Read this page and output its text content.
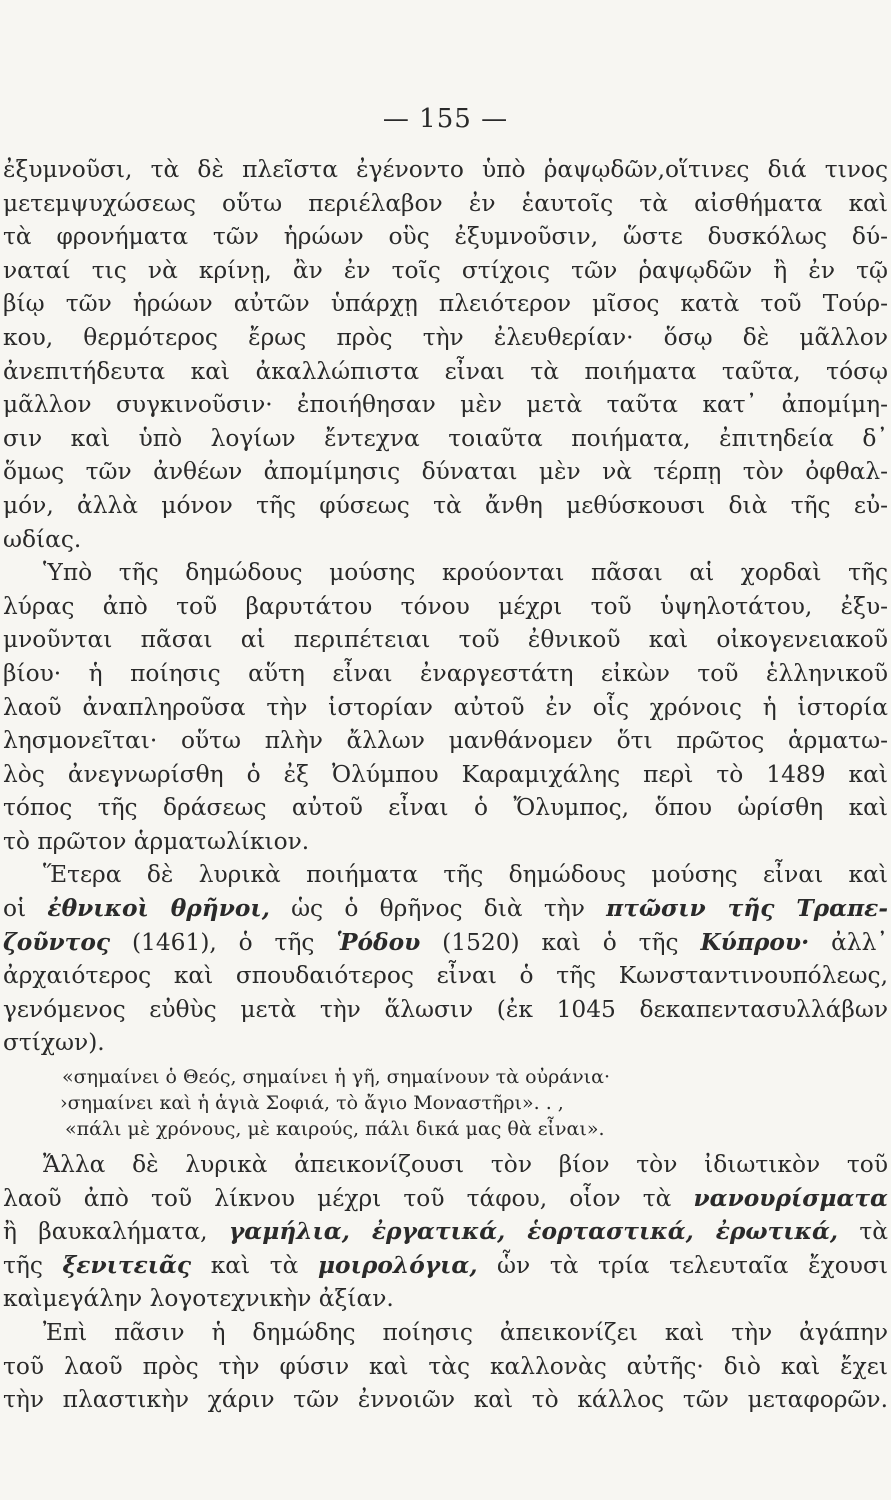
— 155 —
ἐξυμνοῦσι, τὰ δὲ πλεῖστα ἐγένοντο ὑπὸ ῥαψῳδῶν,οἵτινες διά τινος
μετεμψυχώσεως οὕτω περιέλαβον ἐν ἑαυτοῖς τὰ αἰσθήματα καὶ
τὰ φρονήματα τῶν ἡρώων οὓς ἐξυμνοῦσιν, ὥστε δυσκόλως δύ-
ναταί τις νὰ κρίνῃ, ἂν ἐν τοῖς στίχοις τῶν ῥαψῳδῶν ἢ ἐν τῷ
βίῳ τῶν ἡρώων αὐτῶν ὑπάρχῃ πλειότερον μῖσος κατὰ τοῦ Τούρ-
κου, θερμότερος ἔρως πρὸς τὴν ἐλευθερίαν· ὅσῳ δὲ μᾶλλον
ἀνεπιτήδευτα καὶ ἀκαλλώπιστα εἶναι τὰ ποιήματα ταῦτα, τόσῳ
μᾶλλον συγκινοῦσιν· ἐποιήθησαν μὲν μετὰ ταῦτα κατ᾽ ἀπομίμη-
σιν καὶ ὑπὸ λογίων ἔντεχνα τοιαῦτα ποιήματα, ἐπιτηδεία δ᾽
ὅμως τῶν ἀνθέων ἀπομίμησις δύναται μὲν νὰ τέρπῃ τὸν ὀφθαλ-
μόν, ἀλλὰ μόνον τῆς φύσεως τὰ ἄνθη μεθύσκουσι διὰ τῆς εὐ-
ωδίας.
Ὑπὸ τῆς δημώδους μούσης κρούονται πᾶσαι αἱ χορδαὶ τῆς
λύρας ἀπὸ τοῦ βαρυτάτου τόνου μέχρι τοῦ ὑψηλοτάτου, ἐξυ-
μνοῦνται πᾶσαι αἱ περιπέτειαι τοῦ ἐθνικοῦ καὶ οἰκογενειακοῦ
βίου· ἡ ποίησις αὕτη εἶναι ἐναργεστάτη εἰκὼν τοῦ ἑλληνικοῦ
λαοῦ ἀναπληροῦσα τὴν ἱστορίαν αὐτοῦ ἐν οἷς χρόνοις ἡ ἱστορία
λησμονεῖται· οὕτω πλὴν ἄλλων μανθάνομεν ὅτι πρῶτος ἁρματω-
λὸς ἀνεγνωρίσθη ὁ ἐξ Ὀλύμπου Καραμιχάλης περὶ τὸ 1489 καὶ
τόπος τῆς δράσεως αὐτοῦ εἶναι ὁ Ὄλυμπος, ὅπου ὡρίσθη καὶ
τὸ πρῶτον ἁρματωλίκιον.
Ἕτερα δὲ λυρικὰ ποιήματα τῆς δημώδους μούσης εἶναι καὶ
οἱ ἐθνικοὶ θρῆνοι, ὡς ὁ θρῆνος διὰ τὴν πτῶσιν τῆς Τραπε-
ζοῦντος (1461), ὁ τῆς Ῥόδου (1520) καὶ ὁ τῆς Κύπρου· ἀλλ᾽
ἀρχαιότερος καὶ σπουδαιότερος εἶναι ὁ τῆς Κωνσταντινουπόλεως,
γενόμενος εὐθὺς μετὰ τὴν ἅλωσιν (ἐκ 1045 δεκαπεντασυλλάβων
στίχων).
«σημαίνει ὁ Θεός, σημαίνει ἡ γῆ, σημαίνουν τὰ οὐράνια·
›σημαίνει καὶ ἡ ἁγιὰ Σοφιά, τὸ ἄγιο Μοναστῆρι». . ,
«πάλι μὲ χρόνους, μὲ καιρούς, πάλι δικά μας θὰ εἶναι».
Ἄλλα δὲ λυρικὰ ἀπεικονίζουσι τὸν βίον τὸν ἰδιωτικὸν τοῦ
λαοῦ ἀπὸ τοῦ λίκνου μέχρι τοῦ τάφου, οἷον τὰ νανουρίσματα
ἢ βαυκαλήματα, γαμήλια, ἐργατικά, ἑορταστικά, ἐρωτικά, τὰ
τῆς ξενιτειᾶς καὶ τὰ μοιρολόγια, ὧν τὰ τρία τελευταῖα ἔχουσι
καὶμεγάλην λογοτεχνικὴν ἀξίαν.
Ἐπὶ πᾶσιν ἡ δημώδης ποίησις ἀπεικονίζει καὶ τὴν ἀγάπην
τοῦ λαοῦ πρὸς τὴν φύσιν καὶ τὰς καλλονὰς αὐτῆς· διὸ καὶ ἔχει
τὴν πλαστικὴν χάριν τῶν ἐννοιῶν καὶ τὸ κάλλος τῶν μεταφορῶν.
